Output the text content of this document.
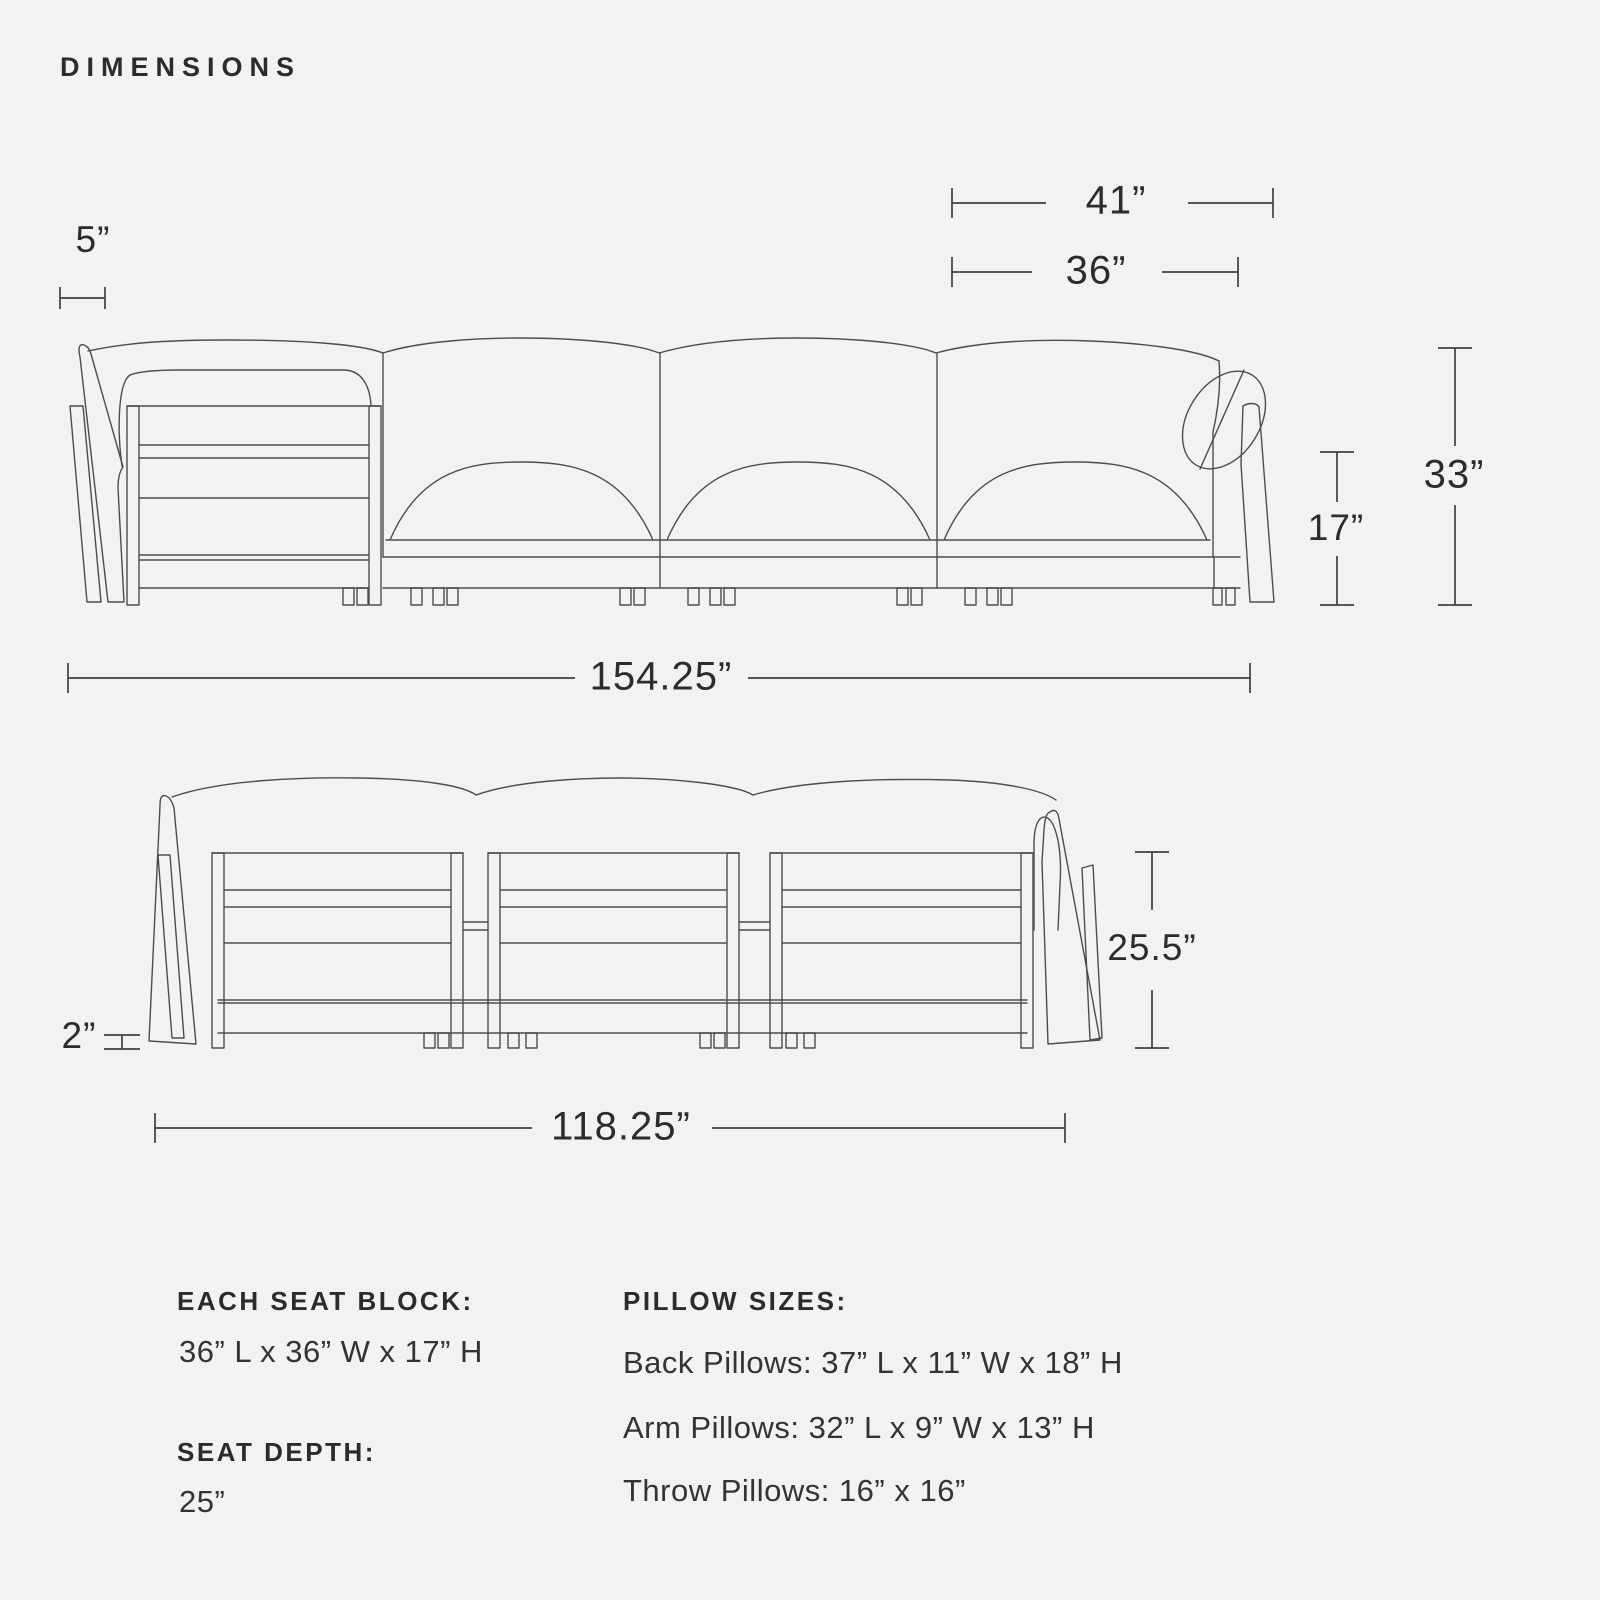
DIMENSIONS
5”
41”
36”
33”
17”
154.25”
2”
25.5”
118.25”
EACH SEAT BLOCK:
36” L x 36” W x 17” H
SEAT DEPTH:
25”
PILLOW SIZES:
Back Pillows: 37” L x 11” W x 18” H
Arm Pillows: 32” L x 9” W x 13” H
Throw Pillows: 16” x 16”
